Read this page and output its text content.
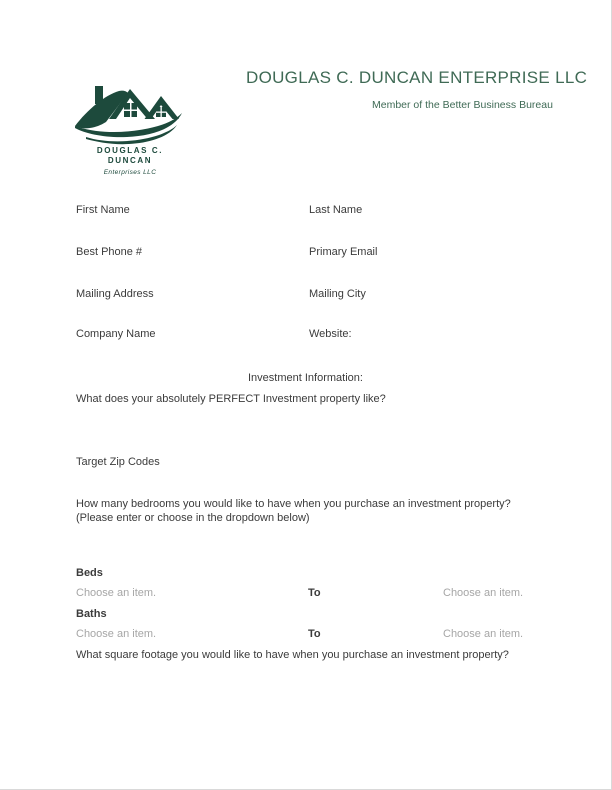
DOUGLAS C.
DUNCAN
Enterprises LLC
DOUGLAS C. DUNCAN ENTERPRISE LLC
Member of the Better Business Bureau
First Name	Last Name
Best Phone #	Primary Email
Mailing Address	Mailing City
Company Name	Website:
Investment Information:
What does your absolutely PERFECT Investment property like?
Target Zip Codes
How many bedrooms you would like to have when you purchase an investment property?
(Please enter or choose in the dropdown below)
Beds
Choose an item.	To	Choose an item.
Baths
Choose an item.	To	Choose an item.
What square footage you would like to have when you purchase an investment property?
